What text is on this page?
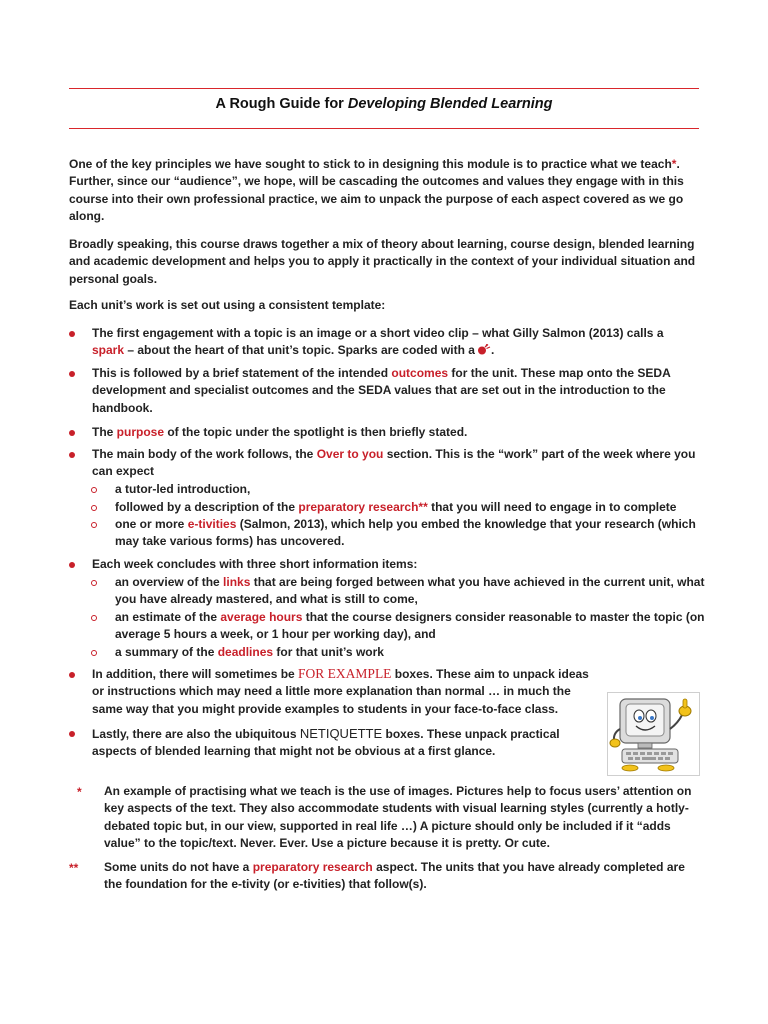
A Rough Guide for Developing Blended Learning
One of the key principles we have sought to stick to in designing this module is to practice what we teach*. Further, since our “audience”, we hope, will be cascading the outcomes and values they engage with in this course into their own professional practice, we aim to unpack the purpose of each aspect covered as we go along.
Broadly speaking, this course draws together a mix of theory about learning, course design, blended learning and academic development and helps you to apply it practically in the context of your individual situation and personal goals.
Each unit’s work is set out using a consistent template:
The first engagement with a topic is an image or a short video clip – what Gilly Salmon (2013) calls a
spark – about the heart of that unit’s topic. Sparks are coded with a .
This is followed by a brief statement of the intended outcomes for the unit. These map onto the SEDA development and specialist outcomes and the SEDA values that are set out in the introduction to the handbook.
The purpose of the topic under the spotlight is then briefly stated.
The main body of the work follows, the Over to you section. This is the “work” part of the week where you can expect
a tutor-led introduction,
followed by a description of the preparatory research** that you will need to engage in to complete
one or more e-tivities (Salmon, 2013), which help you embed the knowledge that your research (which may take various forms) has uncovered.
Each week concludes with three short information items:
an overview of the links that are being forged between what you have achieved in the current unit, what you have already mastered, and what is still to come,
an estimate of the average hours that the course designers consider reasonable to master the topic (on average 5 hours a week, or 1 hour per working day), and
a summary of the deadlines for that unit’s work
In addition, there will sometimes be FOR EXAMPLE boxes. These aim to unpack ideas or instructions which may need a little more explanation than normal … in much the same way that you might provide examples to students in your face-to-face class.
Lastly, there are also the ubiquitous NETIQUETTE boxes. These unpack practical aspects of blended learning that might not be obvious at a first glance.
* An example of practising what we teach is the use of images. Pictures help to focus users’ attention on key aspects of the text. They also accommodate students with visual learning styles (currently a hotly-debated topic but, in our view, supported in real life …) A picture should only be included if it “adds value” to the topic/text. Never. Ever. Use a picture because it is pretty. Or cute.
** Some units do not have a preparatory research aspect. The units that you have already completed are the foundation for the e-tivity (or e-tivities) that follow(s).
